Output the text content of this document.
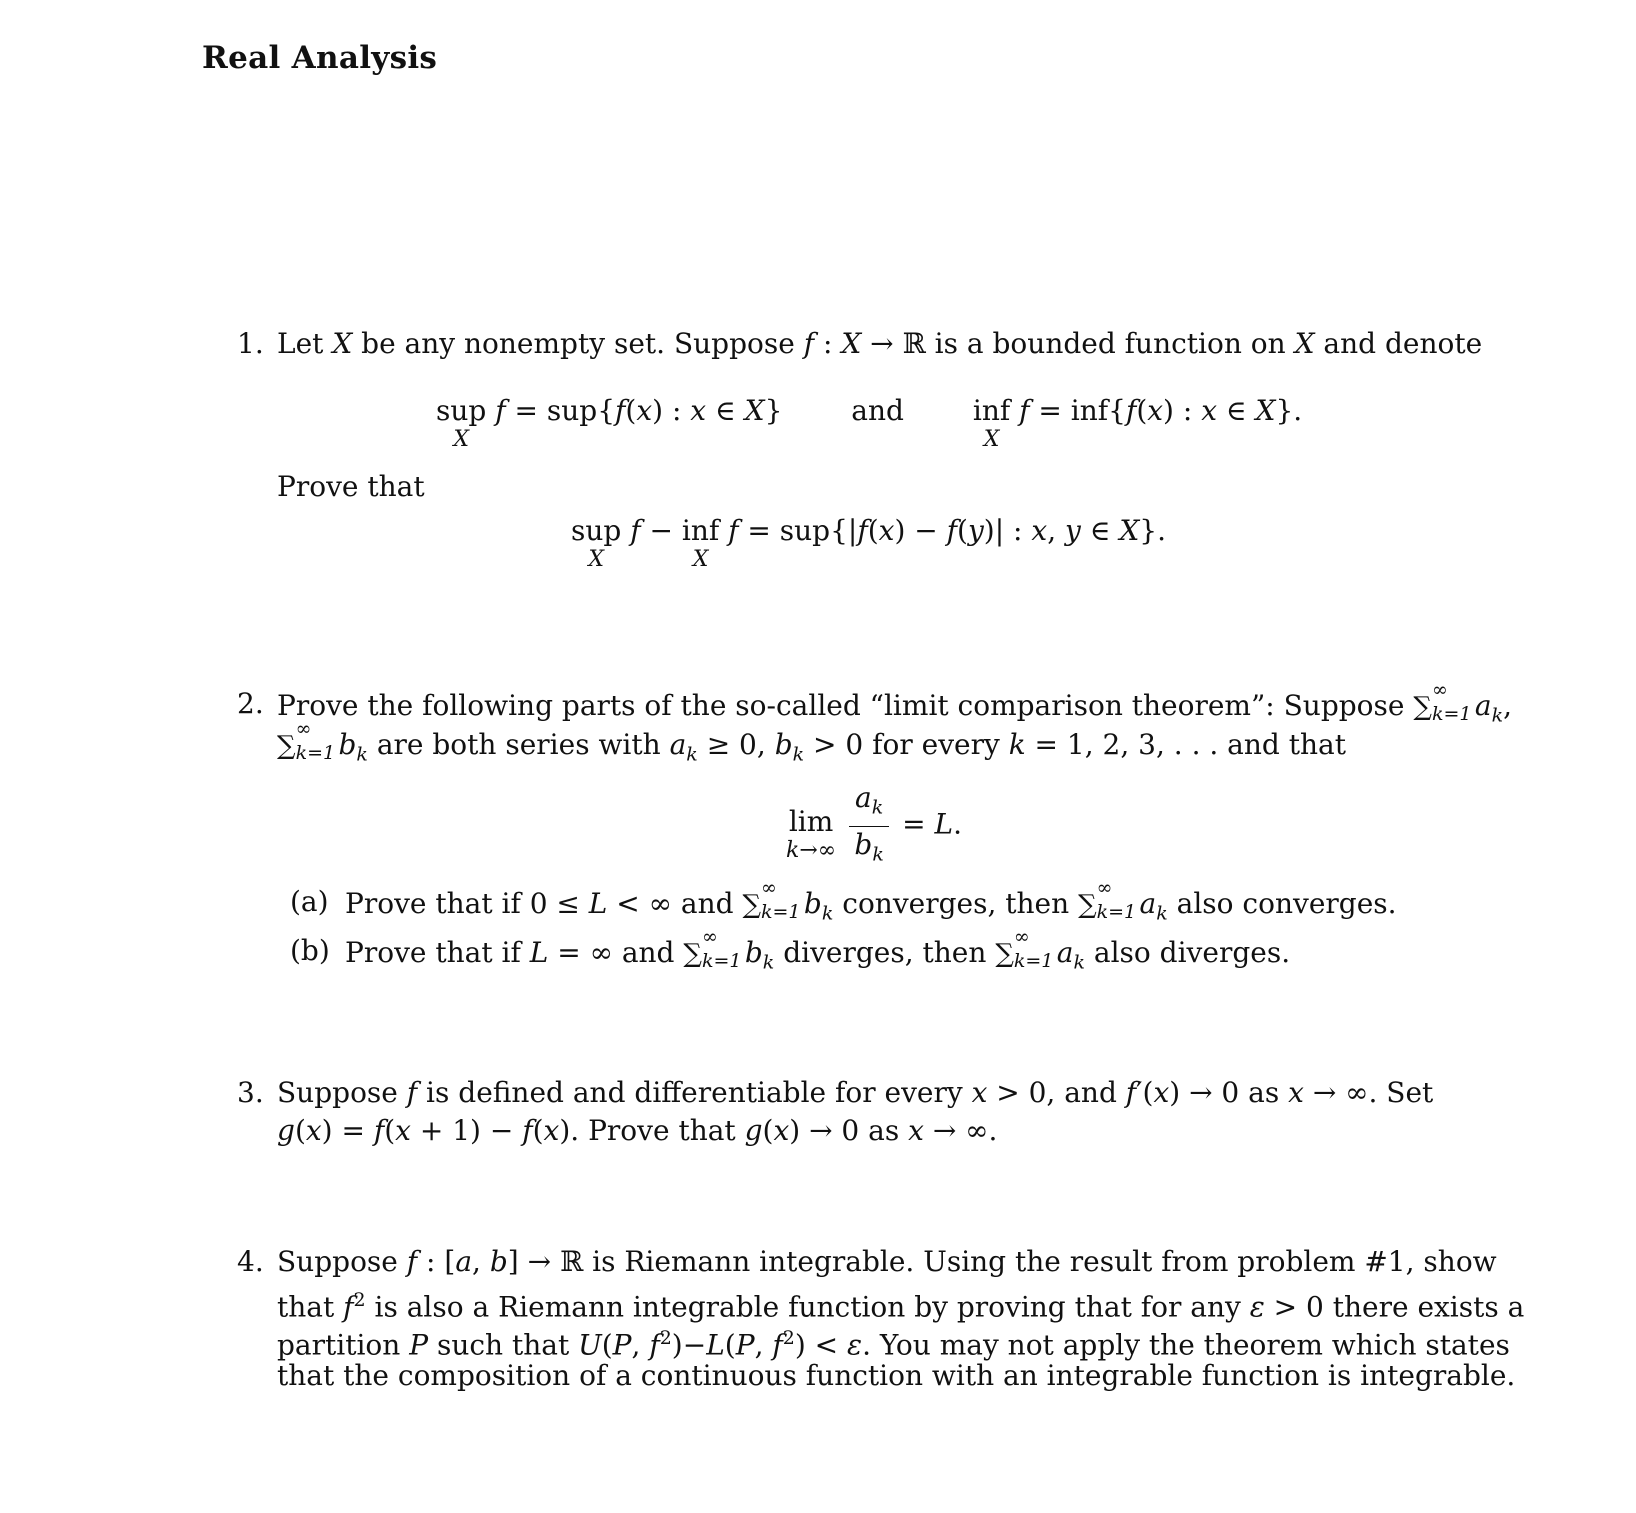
Real Analysis
1. Let X be any nonempty set. Suppose f : X → ℝ is a bounded function on X and denote
sup
X
f = sup{f(x) : x ∈ X} and inf
X
f = inf{f(x) : x ∈ X}.
Prove that
sup
X
f − inf
X
f = sup{|f(x) − f(y)| : x, y ∈ X}.
2. Prove the following parts of the so-called “limit comparison theorem”: Suppose ∑
∞
k=1 $a_k$,
∑
∞
k=1 $b_k$ are both series with $a_k \ge 0$, $b_k > 0$ for every k = 1, 2, 3, . . . and that
lim
k→∞
$\frac{a_k}{b_k} = L$.
(a) Prove that if 0 ≤ L < ∞ and ∑
∞
k=1 $b_k$ converges, then ∑
∞
k=1 $a_k$ also converges.
(b) Prove that if L = ∞ and ∑
∞
k=1 $b_k$ diverges, then ∑
∞
k=1 $a_k$ also diverges.
3. Suppose f is defined and differentiable for every x > 0, and f′(x) → 0 as x → ∞. Set
g(x) = f(x + 1) − f(x). Prove that g(x) → 0 as x → ∞.
4. Suppose f : [a, b] → ℝ is Riemann integrable. Using the result from problem #1, show
that $f^2$ is also a Riemann integrable function by proving that for any ε > 0 there exists a
partition P such that U(P, $f^2)-L(P$, $f^2) < \varepsilon$. You may not apply the theorem which states
that the composition of a continuous function with an integrable function is integrable.
